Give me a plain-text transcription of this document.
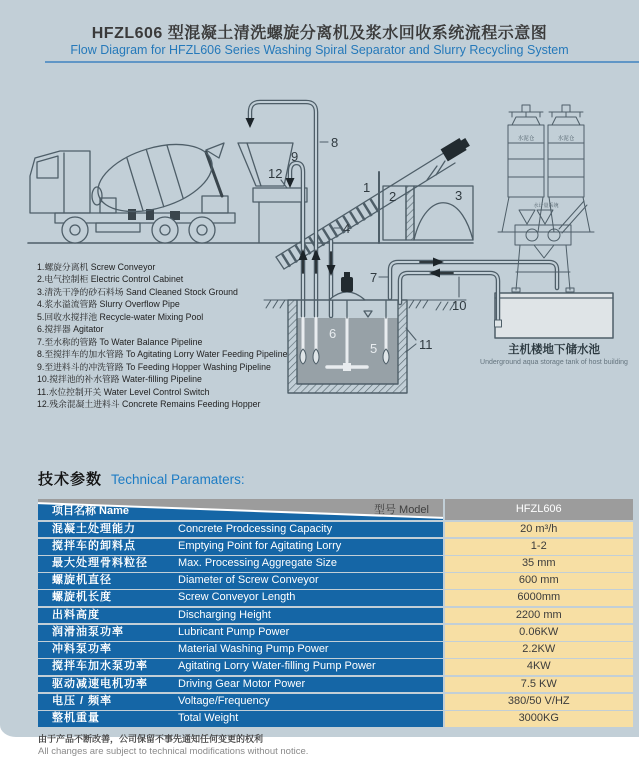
HFZL606 型混凝土清洗螺旋分离机及浆水回收系统流程示意图
Flow Diagram for HFZL606 Series Washing Spiral Separator and Slurry Recycling System
1
2	3
4
5
6
7
8
9
10
11
12
水泥仓	水泥仓
水计量系统
主机楼地下储水池
Underground aqua storage tank of host building
1.螺旋分离机 Screw Conveyor
2.电气控制柜 Electric Control Cabinet
3.清洗干净的砂石料场 Sand Cleaned Stock Ground
4.浆水溢流管路 Slurry Overflow Pipe
5.回收水搅拌池 Recycle-water Mixing Pool
6.搅拌器 Agitator
7.至水称的管路 To Water Balance Pipeline
8.至搅拌车的加水管路 To Agitating Lorry Water Feeding Pipeline
9.至进料斗的冲洗管路 To Feeding Hopper Washing Pipeline
10.搅拌池的补水管路 Water-filling Pipeline
11.水位控制开关 Water Level Control Switch
12.残余混凝土进料斗 Concrete Remains Feeding Hopper
技术参数 Technical Paramaters:
项目名称 Name	型号 Model	HFZL606
混凝土处理能力	Concrete Prodcessing Capacity	20 m³/h
搅拌车的卸料点	Emptying Point for Agitating Lorry	1-2
最大处理骨料粒径	Max. Processing Aggregate Size	35 mm
螺旋机直径	Diameter of Screw Conveyor	600 mm
螺旋机长度	Screw Conveyor Length	6000mm
出料高度	Discharging Height	2200 mm
润滑油泵功率	Lubricant Pump Power	0.06KW
冲料泵功率	Material Washing Pump Power	2.2KW
搅拌车加水泵功率	Agitating Lorry Water-filling Pump Power	4KW
驱动减速电机功率	Driving Gear Motor Power	7.5 KW
电压 / 频率	Voltage/Frequency	380/50 V/HZ
整机重量	Total Weight	3000KG
由于产品不断改善，公司保留不事先通知任何变更的权利
All changes are subject to technical modifications without notice.
